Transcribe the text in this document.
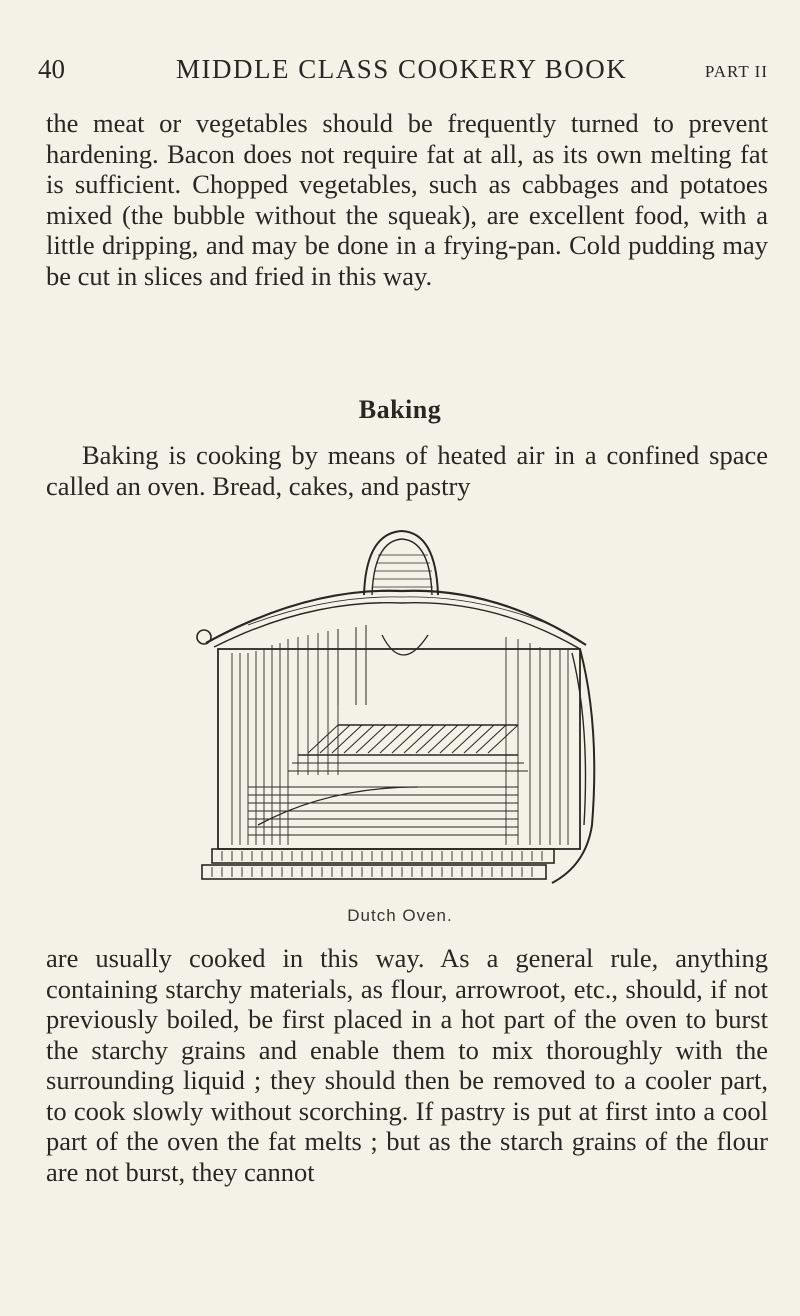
40	MIDDLE CLASS COOKERY BOOK	PART II

the meat or vegetables should be frequently turned to prevent hardening. Bacon does not require fat at all, as its own melting fat is sufficient. Chopped vegetables, such as cabbages and potatoes mixed (the bubble without the squeak), are excellent food, with a little dripping, and may be done in a frying-pan. Cold pudding may be cut in slices and fried in this way.

Baking

Baking is cooking by means of heated air in a confined space called an oven. Bread, cakes, and pastry

Dutch Oven.

are usually cooked in this way. As a general rule, anything containing starchy materials, as flour, arrowroot, etc., should, if not previously boiled, be first placed in a hot part of the oven to burst the starchy grains and enable them to mix thoroughly with the surrounding liquid ; they should then be removed to a cooler part, to cook slowly without scorching. If pastry is put at first into a cool part of the oven the fat melts ; but as the starch grains of the flour are not burst, they cannot
